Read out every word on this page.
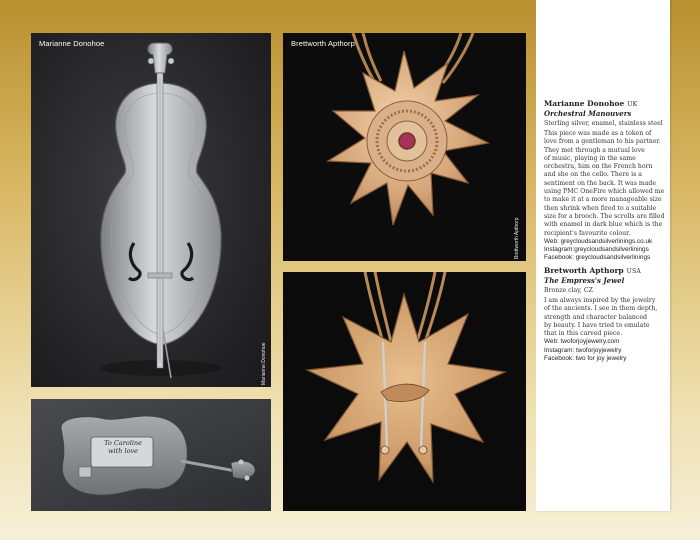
Marianne Donohoe
Marianne Donohoe
To Caroline
with love
Brettworth Apthorp
Brettworth Apthorp
Marianne Donohoe UK
Orchestral Manouvers
Sterling silver, enamel, stainless steel
This piece was made as a token of
love from a gentleman to his partner.
They met through a mutual love
of music, playing in the same
orchestra, him on the French horn
and she on the cello. There is a
sentiment on the back. It was made
using PMC OneFire which allowed me
to make it at a more manageable size
then shrink when fired to a suitable
size for a brooch. The scrolls are filled
with enamel in dark blue which is the
recipient's favourite colour.
Web: greycloudsandsilverlinings.co.uk
Instagram:greycloudsandsilverlinings
Facebook: greycloudsandsilverlinings
Bretworth Apthorp USA
The Empress's Jewel
Bronze clay, CZ
I am always inspired by the jewelry
of the ancients. I see in them depth,
strength and character balanced
by beauty. I have tried to emulate
that in this carved piece.
Web: twoforjoyjewelry.com
Instagram: twoforjoyjewelry
Facebook: two for joy jewelry
